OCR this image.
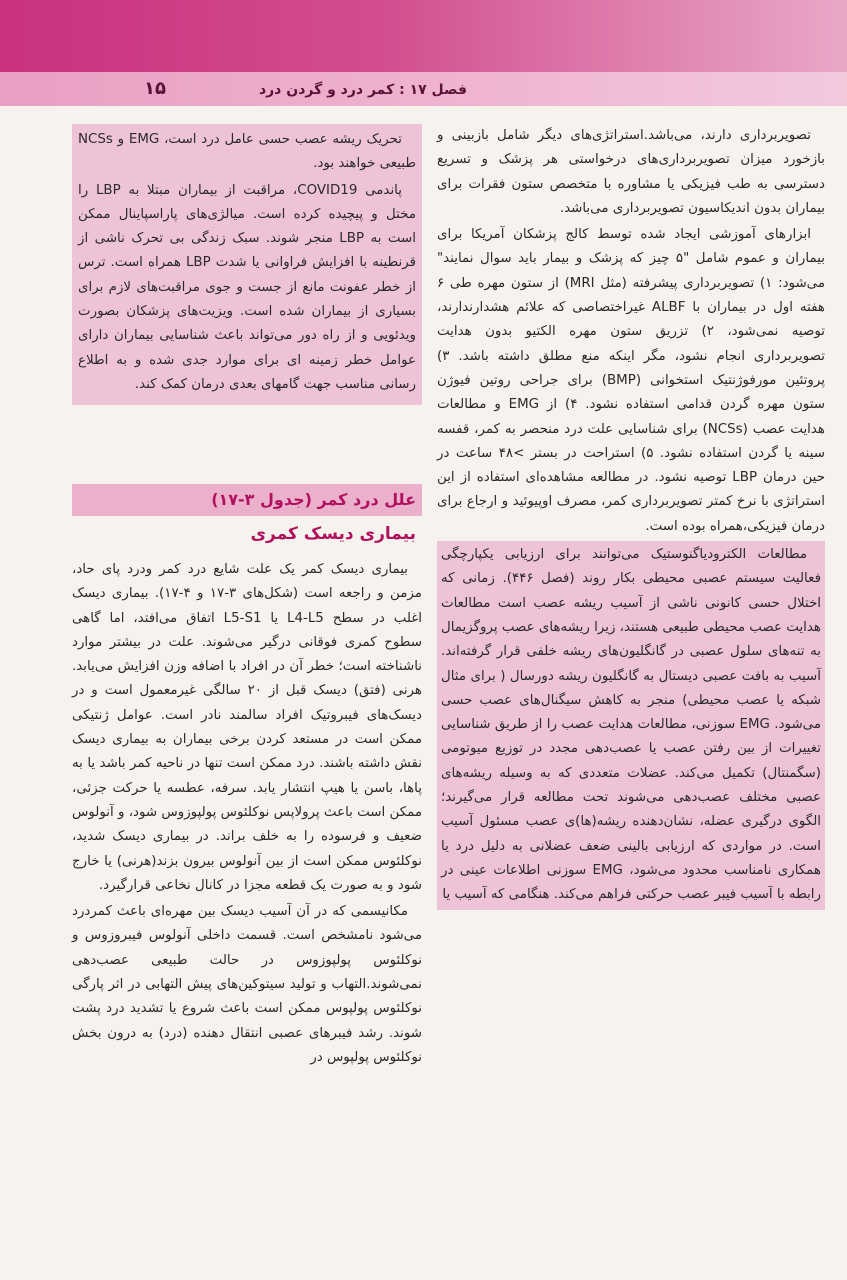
۱۵	فصل ۱۷ : کمر درد و گردن درد

تصویربرداری دارند، می‌باشد.استراتژی‌های دیگر شامل بازبینی و بازخورد میزان تصویربرداری‌های درخواستی هر پزشک و تسریع دسترسی به طب فیزیکی یا مشاوره با متخصص ستون فقرات برای بیماران بدون اندیکاسیون تصویربرداری می‌باشد.

ابزارهای آموزشی ایجاد شده توسط کالج پزشکان آمریکا برای بیماران و عموم شامل "۵ چیز که پزشک و بیمار باید سوال نمایند" می‌شود: ۱) تصویربرداری پیشرفته (مثل MRI) از ستون مهره طی ۶ هفته اول در بیماران با ALBF غیراختصاصی که علائم هشدارندارند، توصیه نمی‌شود، ۲) تزریق ستون مهره الکتیو بدون هدایت تصویربرداری انجام نشود، مگر اینکه منع مطلق داشته باشد. ۳) پروتئین مورفوژنتیک استخوانی (BMP) برای جراحی روتین فیوژن ستون مهره گردن قدامی استفاده نشود. ۴) از EMG و مطالعات هدایت عصب (NCSs) برای شناسایی علت درد منحصر به کمر، قفسه سینه یا گردن استفاده نشود. ۵) استراحت در بستر >۴۸ ساعت در حین درمان LBP توصیه نشود. در مطالعه مشاهده‌ای استفاده از این استراتژی با نرخ کمتر تصویربرداری کمر، مصرف اوپیوئید و ارجاع برای درمان فیزیکی،همراه بوده است.

مطالعات الکترودیاگنوستیک می‌توانند برای ارزیابی یکپارچگی فعالیت سیستم عصبی محیطی بکار روند (فصل ۴۴۶). زمانی که اختلال حسی کانونی ناشی از آسیب ریشه عصب است مطالعات هدایت عصب محیطی طبیعی هستند، زیرا ریشه‌های عصب پروگزیمال به تنه‌های سلول عصبی در گانگلیون‌های ریشه خلفی قرار گرفته‌اند. آسیب به بافت عصبی دیستال به گانگلیون ریشه دورسال ( برای مثال شبکه یا عصب محیطی) منجر به کاهش سیگنال‌های عصب حسی می‌شود. EMG سوزنی، مطالعات هدایت عصب را از طریق شناسایی تغییرات از بین رفتن عصب یا عصب‌دهی مجدد در توزیع میوتومی (سگمنتال) تکمیل می‌کند. عضلات متعددی که به وسیله ریشه‌های عصبی مختلف عصب‌دهی می‌شوند تحت مطالعه قرار می‌گیرند؛ الگوی درگیری عضله، نشان‌دهنده ریشه(ها)ی عصب مسئول آسیب است. در مواردی که ارزیابی بالینی ضعف عضلانی به دلیل درد یا همکاری نامناسب محدود می‌شود، EMG سوزنی اطلاعات عینی در رابطه با آسیب فیبر عصب حرکتی فراهم می‌کند. هنگامی که آسیب یا

تحریک ریشه عصب حسی عامل درد است، EMG و NCSs طبیعی خواهند بود.

پاندمی COVID19، مراقبت از بیماران مبتلا به LBP را مختل و پیچیده کرده است. میالژی‌های پاراسپاینال ممکن است به LBP منجر شوند. سبک زندگی بی تحرک ناشی از قرنطینه با افزایش فراوانی یا شدت LBP همراه است. ترس از خطر عفونت مانع از جست و جوی مراقبت‌های لازم برای بسیاری از بیماران شده است. ویزیت‌های پزشکان بصورت ویدئویی و از راه دور می‌تواند باعث شناسایی بیماران دارای عوامل خطر زمینه ای برای موارد جدی شده و به اطلاع رسانی مناسب جهت گامهای بعدی درمان کمک کند.

علل درد کمر (جدول ۳-۱۷)
بیماری دیسک کمری

بیماری دیسک کمر یک علت شایع درد کمر ودرد پای حاد، مزمن و راجعه است (شکل‌های ۳-۱۷ و ۴-۱۷). بیماری دیسک اغلب در سطح L4-L5 یا L5-S1 اتفاق می‌افتد، اما گاهی سطوح کمری فوقانی درگیر می‌شوند. علت در بیشتر موارد ناشناخته است؛ خطر آن در افراد با اضافه وزن افزایش می‌یابد. هرنی (فتق) دیسک قبل از ۲۰ سالگی غیرمعمول است و در دیسک‌های فیبروتیک افراد سالمند نادر است. عوامل ژنتیکی ممکن است در مستعد کردن برخی بیماران به بیماری دیسک نقش داشته باشند. درد ممکن است تنها در ناحیه کمر باشد یا به پاها، باسن یا هیپ انتشار یابد. سرفه، عطسه یا حرکت جزئی، ممکن است باعث پرولاپس نوکلئوس پولپوزوس شود، و آنولوس ضعیف و فرسوده را به خلف براند. در بیماری دیسک شدید، نوکلئوس ممکن است از بین آنولوس بیرون بزند(هرنی) یا خارج شود و به صورت یک قطعه مجزا در کانال نخاعی قرارگیرد.

مکانیسمی که در آن آسیب دیسک بین مهره‌ای باعث کمردرد می‌شود نامشخص است. قسمت داخلی آنولوس فیبروزوس و نوکلئوس پولپوزوس در حالت طبیعی عصب‌دهی نمی‌شوند.التهاب و تولید سیتوکین‌های پیش التهابی در اثر پارگی نوکلئوس پولپوس ممکن است باعث شروع یا تشدید درد پشت شوند. رشد فیبرهای عصبی انتقال دهنده (درد) به درون بخش نوکلئوس پولپوس در
